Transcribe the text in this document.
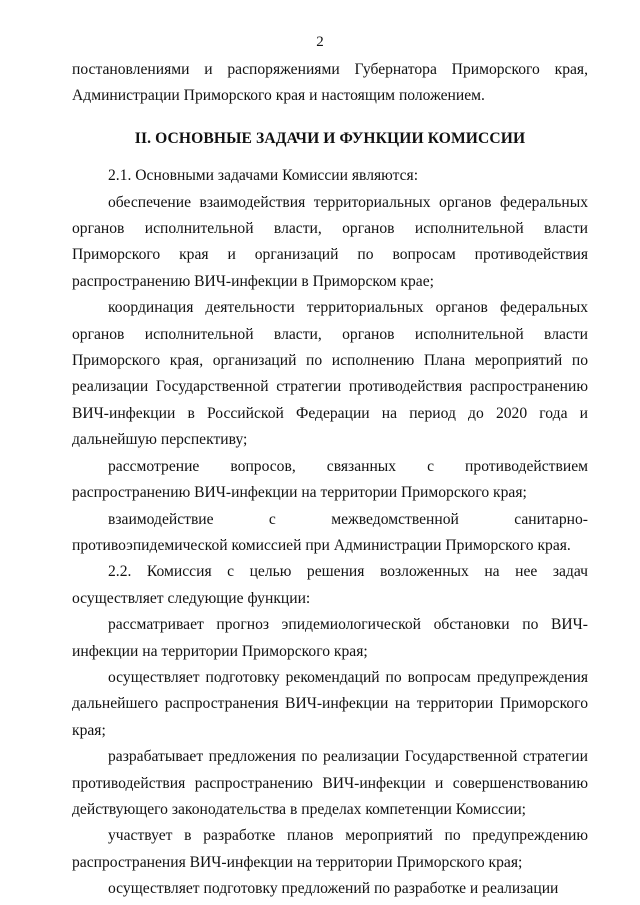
2

постановлениями и распоряжениями Губернатора Приморского края, Администрации Приморского края и настоящим положением.

II. ОСНОВНЫЕ ЗАДАЧИ И ФУНКЦИИ КОМИССИИ

2.1. Основными задачами Комиссии являются:

обеспечение взаимодействия территориальных органов федеральных органов исполнительной власти, органов исполнительной власти Приморского края и организаций по вопросам противодействия распространению ВИЧ-инфекции в Приморском крае;

координация деятельности территориальных органов федеральных органов исполнительной власти, органов исполнительной власти Приморского края, организаций по исполнению Плана мероприятий по реализации Государственной стратегии противодействия распространению ВИЧ-инфекции в Российской Федерации на период до 2020 года и дальнейшую перспективу;

рассмотрение вопросов, связанных с противодействием распространению ВИЧ-инфекции на территории Приморского края;

взаимодействие с межведомственной санитарно-противоэпидемической комиссией при Администрации Приморского края.

2.2. Комиссия с целью решения возложенных на нее задач осуществляет следующие функции:

рассматривает прогноз эпидемиологической обстановки по ВИЧ-инфекции на территории Приморского края;

осуществляет подготовку рекомендаций по вопросам предупреждения дальнейшего распространения ВИЧ-инфекции на территории Приморского края;

разрабатывает предложения по реализации Государственной стратегии противодействия распространению ВИЧ-инфекции и совершенствованию действующего законодательства в пределах компетенции Комиссии;

участвует в разработке планов мероприятий по предупреждению распространения ВИЧ-инфекции на территории Приморского края;

осуществляет подготовку предложений по разработке и реализации
